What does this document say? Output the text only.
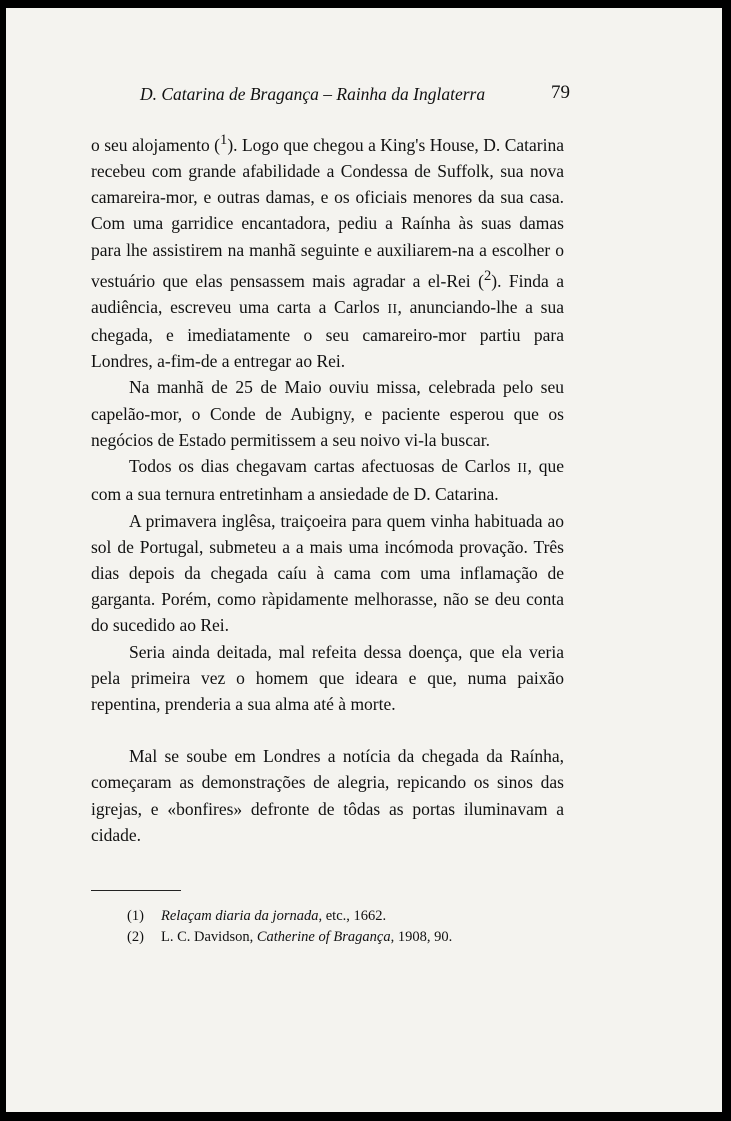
D. Catarina de Bragança – Rainha da Inglaterra	79

o seu alojamento ($^1$). Logo que chegou a King's House, D. Catarina recebeu com grande afabilidade a Condessa de Suffolk, sua nova camareira-mor, e outras damas, e os oficiais menores da sua casa. Com uma garridice encantadora, pediu a Raínha às suas damas para lhe assistirem na manhã seguinte e auxiliarem-na a escolher o vestuário que elas pensassem mais agradar a el-Rei ($^2$). Finda a audiência, escreveu uma carta a Carlos II, anunciando-lhe a sua chegada, e imediatamente o seu camareiro-mor partiu para Londres, a-fim-de a entregar ao Rei.

Na manhã de 25 de Maio ouviu missa, celebrada pelo seu capelão-mor, o Conde de Aubigny, e paciente esperou que os negócios de Estado permitissem a seu noivo vi-la buscar.

Todos os dias chegavam cartas afectuosas de Carlos II, que com a sua ternura entretinham a ansiedade de D. Catarina.

A primavera inglêsa, traiçoeira para quem vinha habituada ao sol de Portugal, submeteu a a mais uma incómoda provação. Três dias depois da chegada caíu à cama com uma inflamação de garganta. Porém, como ràpidamente melhorasse, não se deu conta do sucedido ao Rei.

Seria ainda deitada, mal refeita dessa doença, que ela veria pela primeira vez o homem que ideara e que, numa paixão repentina, prenderia a sua alma até à morte.

Mal se soube em Londres a notícia da chegada da Raínha, começaram as demonstrações de alegria, repicando os sinos das igrejas, e «bonfires» defronte de tôdas as portas iluminavam a cidade.

(1) Relaçam diaria da jornada, etc., 1662.
(2) L. C. Davidson, Catherine of Bragança, 1908, 90.
